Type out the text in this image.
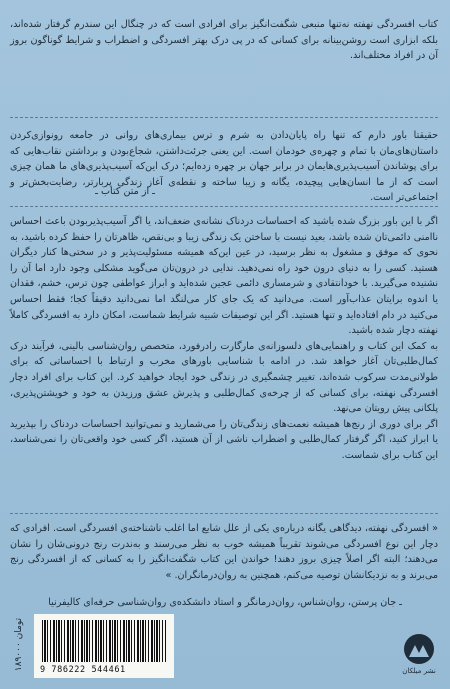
کتاب افسردگی نهفته نه‌تنها منبعی شگفت‌انگیز برای افرادی است که در چنگال این سندرم گرفتار شده‌اند، بلکه ابزاری است روشن‌بینانه برای کسانی که در پی درک بهتر افسردگی و اضطراب و شرایط گوناگون بروز آن در افراد مختلف‌اند.

حقیقتا باور دارم که تنها راه پایان‌دادن به شرم و ترس بیماری‌های روانی در جامعه رونوازی‌کردن داستان‌های‌مان با تمام و چهره‌ی خودمان است. این یعنی جرئت‌داشتن، شجاع‌بودن و برداشتن نقاب‌هایی که برای پوشاندن آسیب‌پذیری‌هایمان در برابر جهان بر چهره زده‌ایم؛ درک این‌که آسیب‌پذیری‌های ما همان چیزی است که از ما انسان‌هایی پیچیده، یگانه و زیبا ساخته و نقطه‌ی آغاز زندگی پربارتر، رضایت‌بخش‌تر و اجتماعی‌تر است.

ـ از متن کتاب ـ

اگر با این باور بزرگ شده باشید که احساسات دردناک نشانه‌ی ضعف‌اند، یا اگر آسیب‌پذیربودن باعث احساس ناامنی دائمی‌تان شده باشد، بعید نیست با ساختن یک زندگی زیبا و بی‌نقص، ظاهرتان را حفظ کرده باشید، به نحوی که موفق و مشغول به نظر برسید، در عین این‌که همیشه مسئولیت‌پذیر و در سختی‌ها کنار دیگران هستید. کسی را به دنیای درون خود راه نمی‌دهید. ندایی در درون‌تان می‌گوید مشکلی وجود دارد اما آن را نشنیده می‌گیرید. با خودانتقادی و شرمساری دائمی عجین شده‌اید و ابراز عواطفی چون ترس، خشم، فقدان یا اندوه برایتان عذاب‌آور است. می‌دانید که یک جای کار می‌لنگد اما نمی‌دانید دقیقاً کجا؛ فقط احساس می‌کنید در دام افتاده‌اید و تنها هستید. اگر این توصیفات شبیه شرایط شماست، امکان دارد به افسردگی کاملاً نهفته دچار شده باشید.

به کمک این کتاب و راهنمایی‌های دلسوزانه‌ی مارگارت رادرفورد، متخصص روان‌شناسی بالینی، فرآیند درک کمال‌طلبی‌تان آغاز خواهد شد. در ادامه با شناسایی باورهای مخرب و ارتباط با احساساتی که برای طولانی‌مدت سرکوب شده‌اند، تغییر چشمگیری در زندگی خود ایجاد خواهید کرد. این کتاب برای افراد دچار افسردگی نهفته، برای کسانی که از چرخه‌ی کمال‌طلبی و پذیرش عشق ورزیدن به خود و خویشتن‌پذیری، پلکانی پیش رویتان می‌نهد.

اگر برای دوری از رنج‌ها همیشه نعمت‌های زندگی‌تان را می‌شمارید و نمی‌توانید احساسات دردناک را بپذیرید یا ابراز کنید، اگر گرفتار کمال‌طلبی و اضطراب ناشی از آن هستید، اگر کسی خود واقعی‌تان را نمی‌شناسد، این کتاب برای شماست.

« افسردگی نهفته، دیدگاهی یگانه درباره‌ی یکی از علل شایع اما اغلب ناشناخته‌ی افسردگی است. افرادی که دچار این نوع افسردگی می‌شوند تقریباً همیشه خوب به نظر می‌رسند و به‌ندرت رنج درونی‌شان را نشان می‌دهند؛ البته اگر اصلاً چیزی بروز دهند! خواندن این کتاب شگفت‌انگیز را به کسانی که از افسردگی رنج می‌برند و به نزدیکانشان توصیه می‌کنم، همچنین به روان‌درمانگران. »

ـ جان پرستن، روان‌شناس، روان‌درمانگر و استاد دانشکده‌ی روان‌شناسی حرفه‌ای کالیفرنیا
۱۸۹۰۰۰ تومان
9 786222 544461	نشر میلکان
